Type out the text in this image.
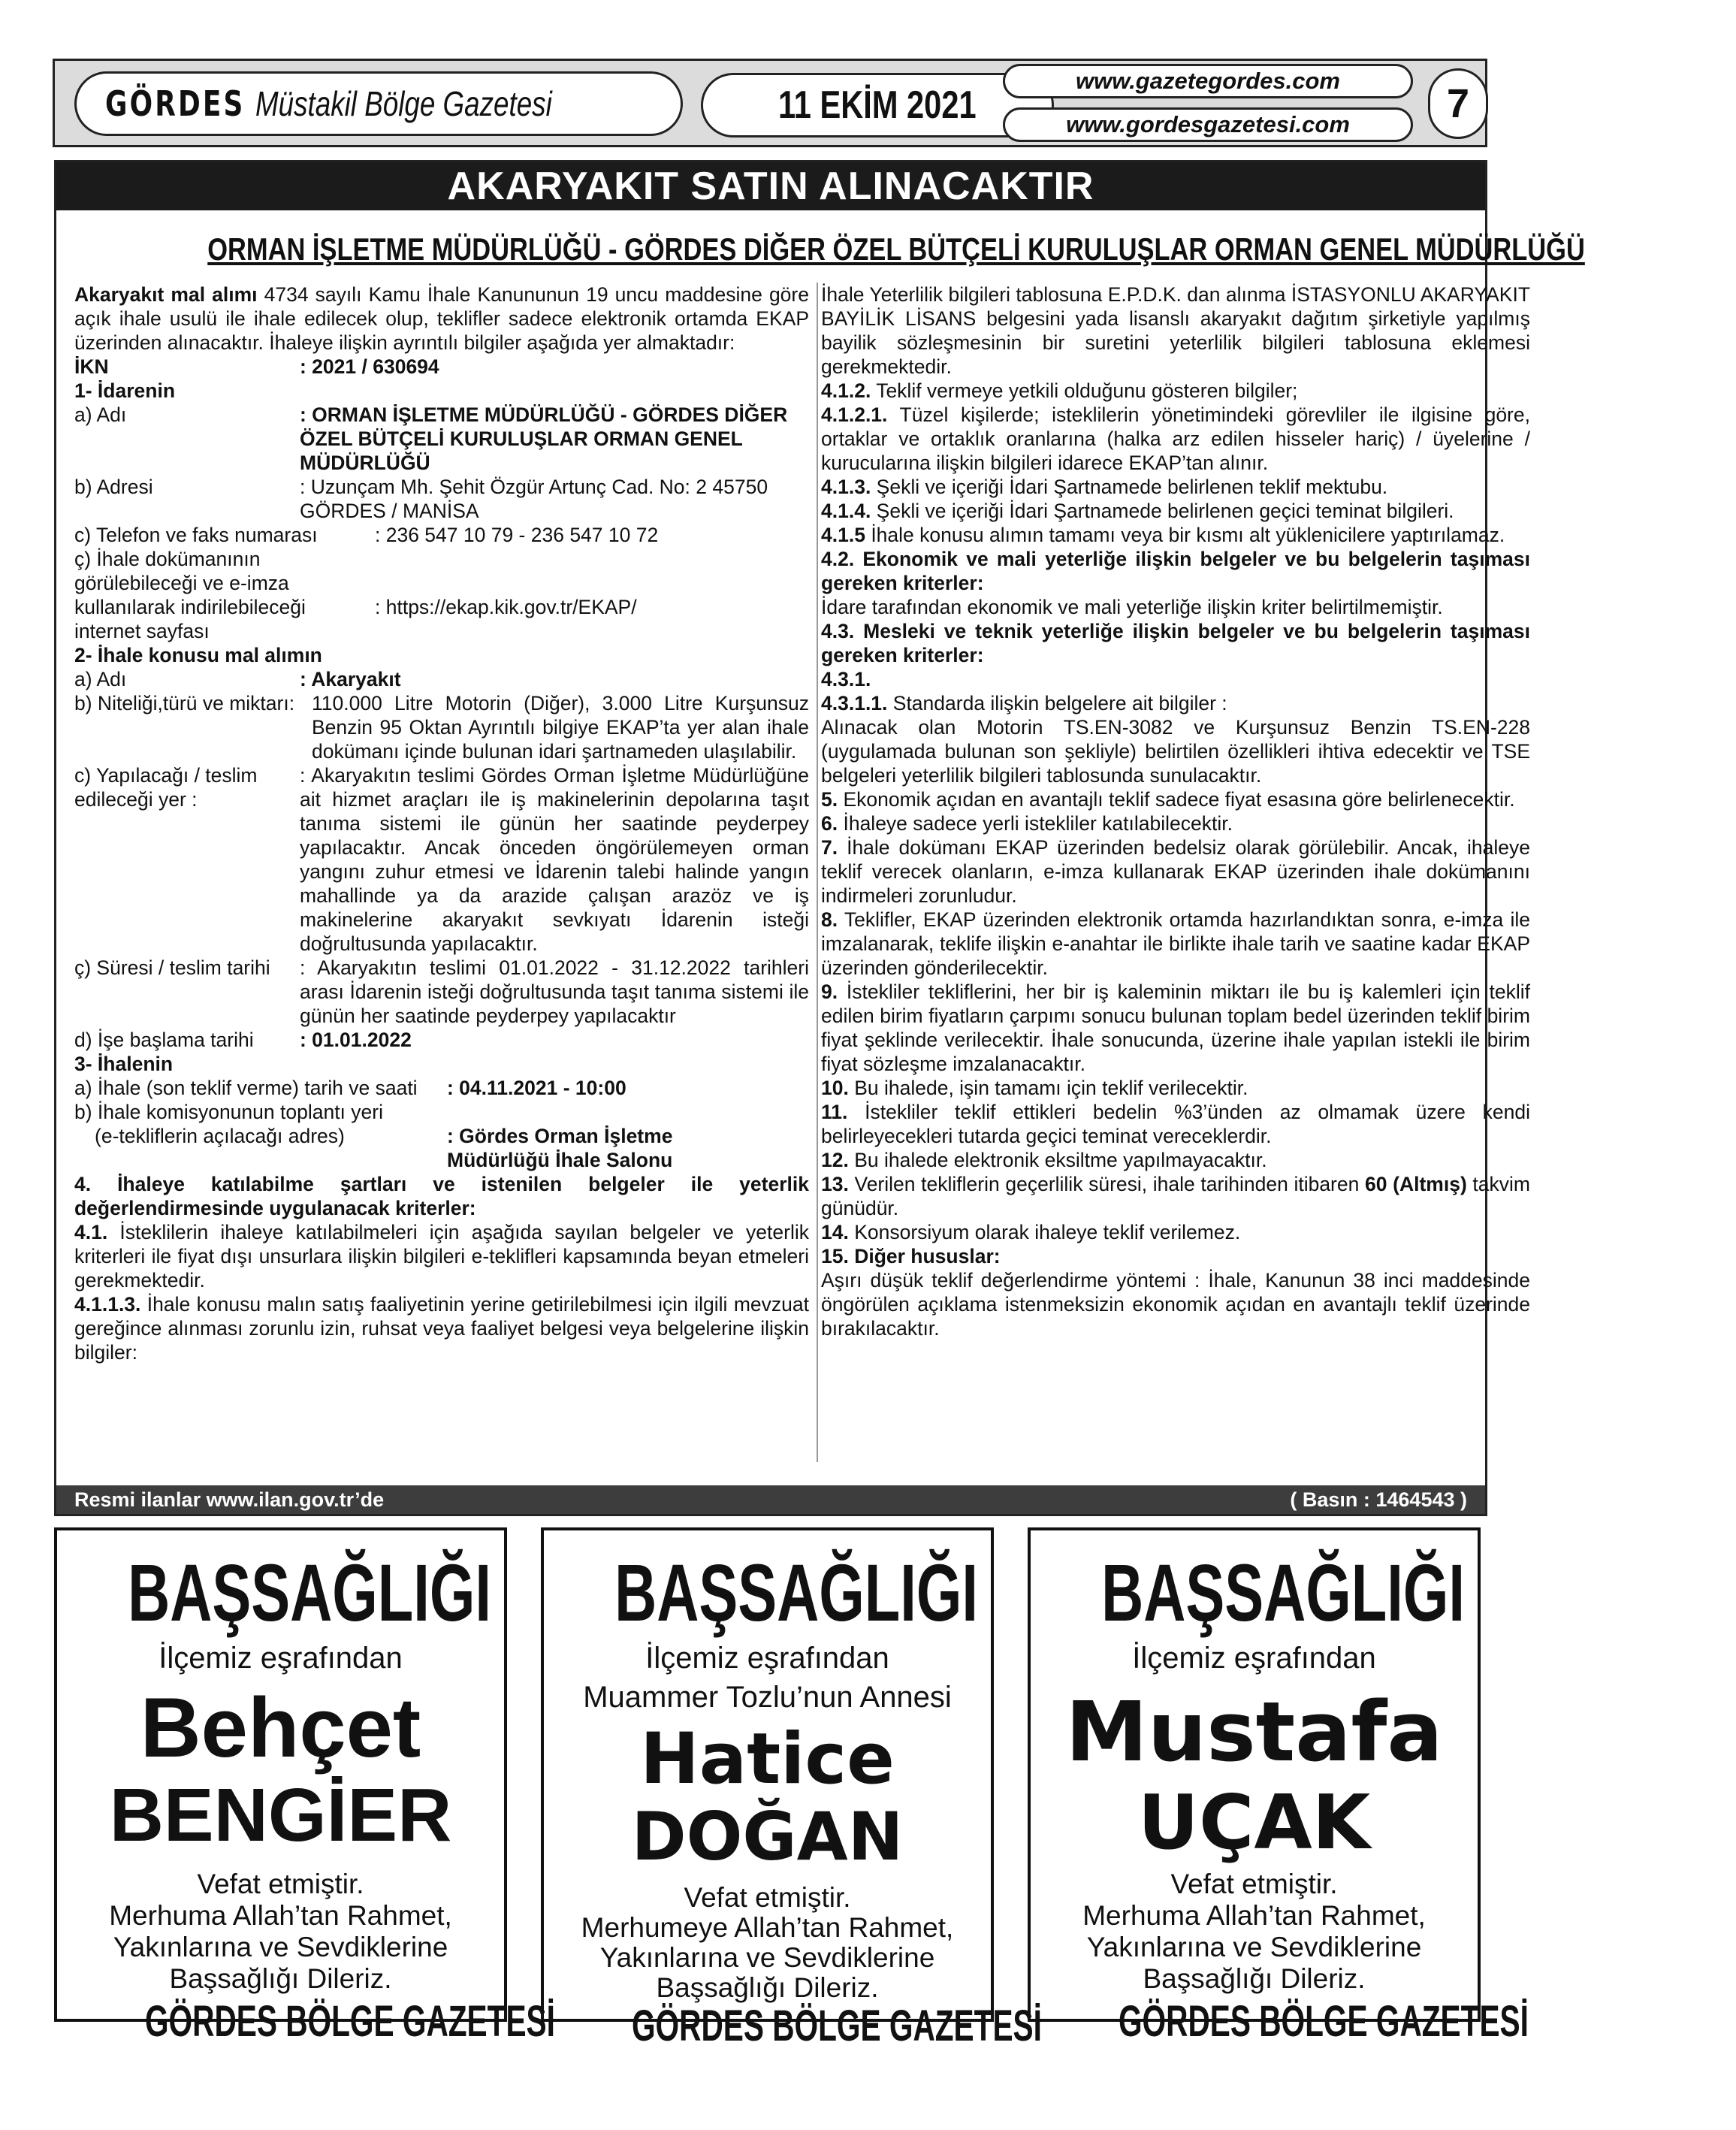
GÖRDES Müstakil Bölge Gazetesi	11 EKİM 2021
www.gazetegordes.com
www.gordesgazetesi.com	7
AKARYAKIT SATIN ALINACAKTIR
ORMAN İŞLETME MÜDÜRLÜĞÜ - GÖRDES DİĞER ÖZEL BÜTÇELİ KURULUŞLAR ORMAN GENEL MÜDÜRLÜĞÜ

Akaryakıt mal alımı 4734 sayılı Kamu İhale Kanununun 19 uncu maddesine göre açık ihale usulü ile ihale edilecek olup, teklifler sadece elektronik ortamda EKAP üzerinden alınacaktır. İhaleye ilişkin ayrıntılı bilgiler aşağıda yer almaktadır:

İKN	: 2021 / 630694

1- İdarenin

a) Adı	: ORMAN İŞLETME MÜDÜRLÜĞÜ - GÖRDES DİĞER ÖZEL BÜTÇELİ KURULUŞLAR ORMAN GENEL MÜDÜRLÜĞÜ
b) Adresi	: Uzunçam Mh. Şehit Özgür Artunç Cad. No: 2 45750 GÖRDES / MANİSA
c) Telefon ve faks numarası	: 236 547 10 79 - 236 547 10 72
ç) İhale dokümanının görülebileceği ve e-imza kullanılarak indirilebileceği internet sayfası
: https://ekap.kik.gov.tr/EKAP/

2- İhale konusu mal alımın

a) Adı	: Akaryakıt
b) Niteliği,türü ve miktarı: 110.000 Litre Motorin (Diğer), 3.000 Litre Kurşunsuz Benzin 95 Oktan Ayrıntılı bilgiye EKAP’ta yer alan ihale dokümanı içinde bulunan idari şartnameden ulaşılabilir.
c) Yapılacağı / teslim edileceği yer :
: Akaryakıtın teslimi Gördes Orman İşletme Müdürlüğüne ait hizmet araçları ile iş makinelerinin depolarına taşıt tanıma sistemi ile günün her saatinde peyderpey yapılacaktır. Ancak önceden öngörülemeyen orman yangını zuhur etmesi ve İdarenin talebi halinde yangın mahallinde ya da arazide çalışan arazöz ve iş makinelerine akaryakıt sevkıyatı İdarenin isteği doğrultusunda yapılacaktır.
ç) Süresi / teslim tarihi	: Akaryakıtın teslimi 01.01.2022 - 31.12.2022 tarihleri arası İdarenin isteği doğrultusunda taşıt tanıma sistemi ile günün her saatinde peyderpey yapılacaktır
d) İşe başlama tarihi	: 01.01.2022

3- İhalenin

a) İhale (son teklif verme) tarih ve saati	: 04.11.2021 - 10:00

b) İhale komisyonunun toplantı yeri

(e-tekliflerin açılacağı adres)	: Gördes Orman İşletme Müdürlüğü İhale Salonu

4. İhaleye katılabilme şartları ve istenilen belgeler ile yeterlik değerlendirmesinde uygulanacak kriterler:

4.1. İsteklilerin ihaleye katılabilmeleri için aşağıda sayılan belgeler ve yeterlik kriterleri ile fiyat dışı unsurlara ilişkin bilgileri e-teklifleri kapsamında beyan etmeleri gerekmektedir.

4.1.1.3. İhale konusu malın satış faaliyetinin yerine getirilebilmesi için ilgili mevzuat gereğince alınması zorunlu izin, ruhsat veya faaliyet belgesi veya belgelerine ilişkin bilgiler:

İhale Yeterlilik bilgileri tablosuna E.P.D.K. dan alınma İSTASYONLU AKARYAKIT BAYİLİK LİSANS belgesini yada lisanslı akaryakıt dağıtım şirketiyle yapılmış bayilik sözleşmesinin bir suretini yeterlilik bilgileri tablosuna eklemesi gerekmektedir.

4.1.2. Teklif vermeye yetkili olduğunu gösteren bilgiler;

4.1.2.1. Tüzel kişilerde; isteklilerin yönetimindeki görevliler ile ilgisine göre, ortaklar ve ortaklık oranlarına (halka arz edilen hisseler hariç) / üyelerine / kurucularına ilişkin bilgileri idarece EKAP’tan alınır.

4.1.3. Şekli ve içeriği İdari Şartnamede belirlenen teklif mektubu.

4.1.4. Şekli ve içeriği İdari Şartnamede belirlenen geçici teminat bilgileri.

4.1.5 İhale konusu alımın tamamı veya bir kısmı alt yüklenicilere yaptırılamaz.

4.2. Ekonomik ve mali yeterliğe ilişkin belgeler ve bu belgelerin taşıması gereken kriterler:

İdare tarafından ekonomik ve mali yeterliğe ilişkin kriter belirtilmemiştir.

4.3. Mesleki ve teknik yeterliğe ilişkin belgeler ve bu belgelerin taşıması gereken kriterler:

4.3.1.

4.3.1.1. Standarda ilişkin belgelere ait bilgiler :

Alınacak olan Motorin TS.EN-3082 ve Kurşunsuz Benzin TS.EN-228 (uygulamada bulunan son şekliyle) belirtilen özellikleri ihtiva edecektir ve TSE belgeleri yeterlilik bilgileri tablosunda sunulacaktır.

5. Ekonomik açıdan en avantajlı teklif sadece fiyat esasına göre belirlenecektir.

6. İhaleye sadece yerli istekliler katılabilecektir.

7. İhale dokümanı EKAP üzerinden bedelsiz olarak görülebilir. Ancak, ihaleye teklif verecek olanların, e-imza kullanarak EKAP üzerinden ihale dokümanını indirmeleri zorunludur.

8. Teklifler, EKAP üzerinden elektronik ortamda hazırlandıktan sonra, e-imza ile imzalanarak, teklife ilişkin e-anahtar ile birlikte ihale tarih ve saatine kadar EKAP üzerinden gönderilecektir.

9. İstekliler tekliflerini, her bir iş kaleminin miktarı ile bu iş kalemleri için teklif edilen birim fiyatların çarpımı sonucu bulunan toplam bedel üzerinden teklif birim fiyat şeklinde verilecektir. İhale sonucunda, üzerine ihale yapılan istekli ile birim fiyat sözleşme imzalanacaktır.

10. Bu ihalede, işin tamamı için teklif verilecektir.

11. İstekliler teklif ettikleri bedelin %3’ünden az olmamak üzere kendi belirleyecekleri tutarda geçici teminat vereceklerdir.

12. Bu ihalede elektronik eksiltme yapılmayacaktır.

13. Verilen tekliflerin geçerlilik süresi, ihale tarihinden itibaren 60 (Altmış) takvim günüdür.

14. Konsorsiyum olarak ihaleye teklif verilemez.

15. Diğer hususlar:

Aşırı düşük teklif değerlendirme yöntemi : İhale, Kanunun 38 inci maddesinde öngörülen açıklama istenmeksizin ekonomik açıdan en avantajlı teklif üzerinde bırakılacaktır.

Resmi ilanlar www.ilan.gov.tr’de	( Basın : 1464543 )
BAŞSAĞLIĞI
İlçemiz eşrafından
Behçet
BENGİER
Vefat etmiştir.
Merhuma Allah’tan Rahmet,
Yakınlarına ve Sevdiklerine
Başsağlığı Dileriz.
GÖRDES BÖLGE GAZETESİ
BAŞSAĞLIĞI
İlçemiz eşrafından
Muammer Tozlu’nun Annesi
Hatice
DOĞAN
Vefat etmiştir.
Merhumeye Allah’tan Rahmet,
Yakınlarına ve Sevdiklerine
Başsağlığı Dileriz.
GÖRDES BÖLGE GAZETESİ
BAŞSAĞLIĞI
İlçemiz eşrafından
Mustafa
UÇAK
Vefat etmiştir.
Merhuma Allah’tan Rahmet,
Yakınlarına ve Sevdiklerine
Başsağlığı Dileriz.
GÖRDES BÖLGE GAZETESİ
